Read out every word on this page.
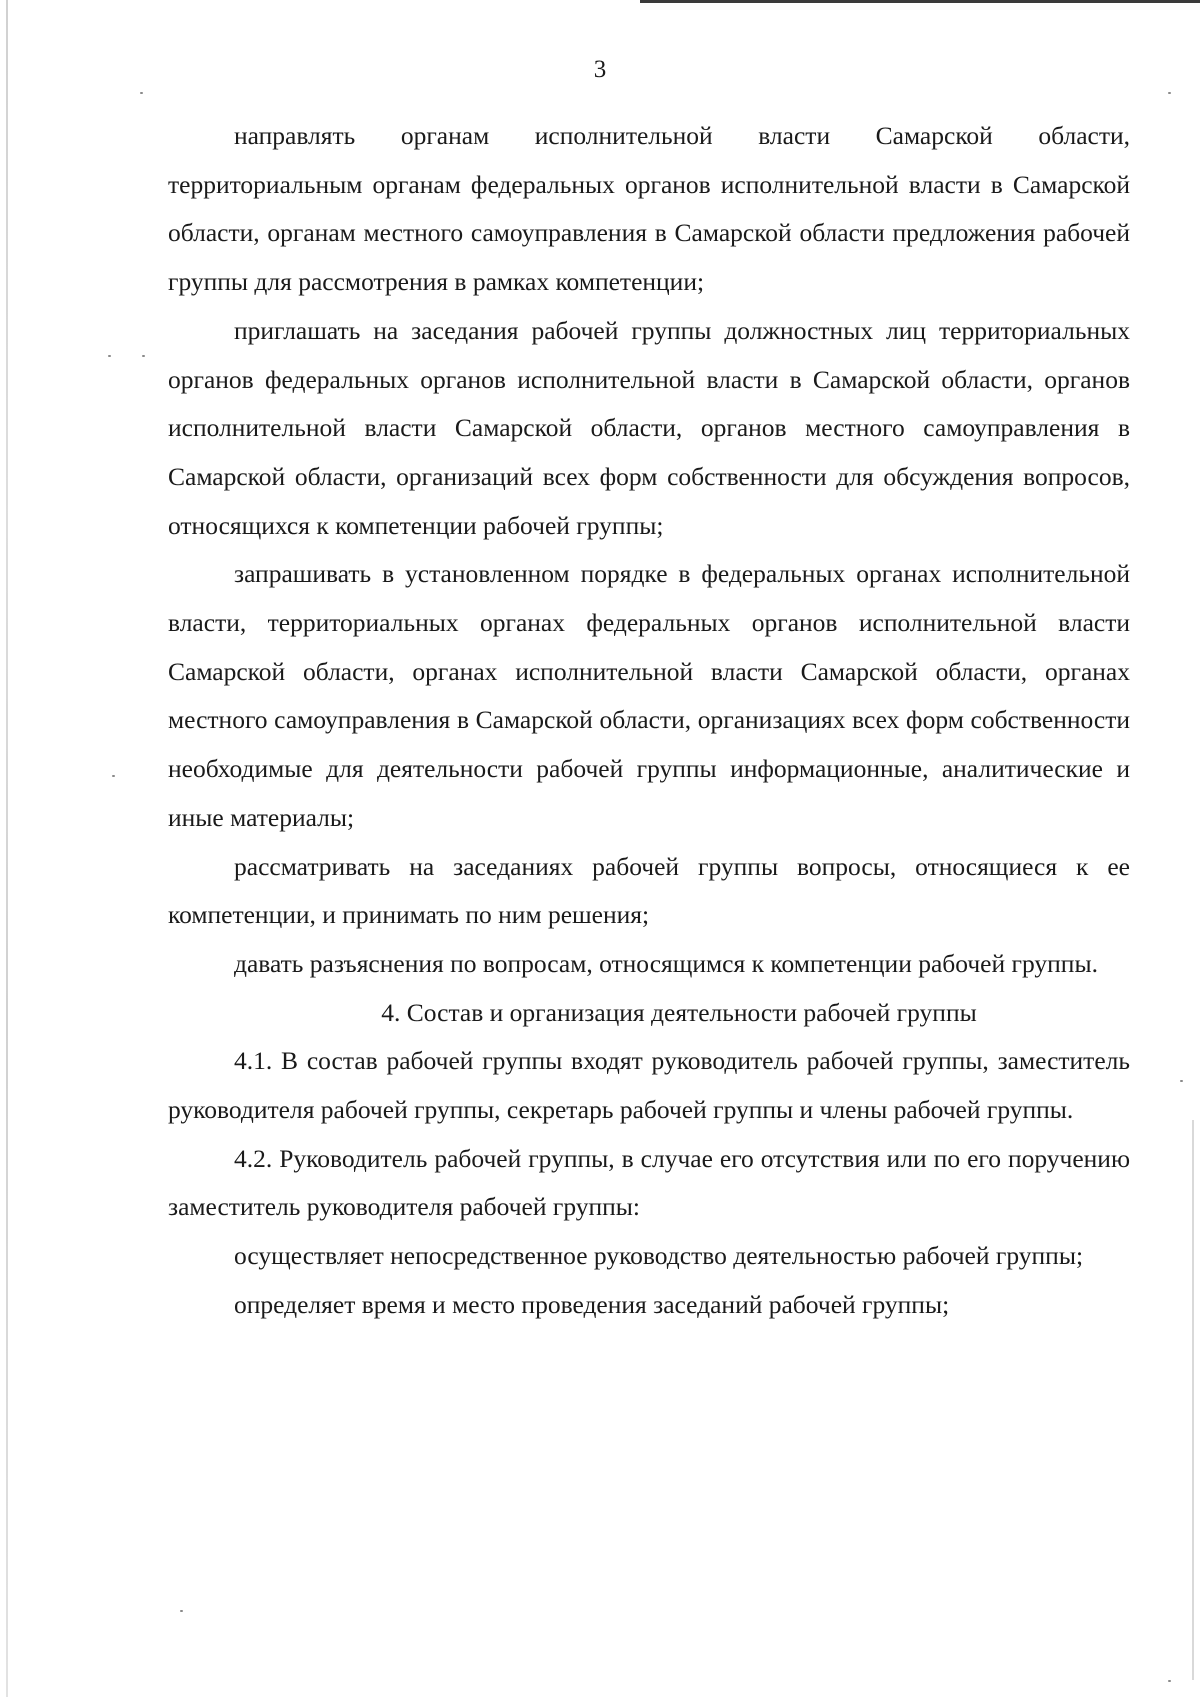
3

направлять органам исполнительной власти Самарской области, территориальным органам федеральных органов исполнительной власти в Самарской области, органам местного самоуправления в Самарской области предложения рабочей группы для рассмотрения в рамках компетенции;

приглашать на заседания рабочей группы должностных лиц территориальных органов федеральных органов исполнительной власти в Самарской области, органов исполнительной власти Самарской области, органов местного самоуправления в Самарской области, организаций всех форм собственности для обсуждения вопросов, относящихся к компетенции рабочей группы;

запрашивать в установленном порядке в федеральных органах исполнительной власти, территориальных органах федеральных органов исполнительной власти Самарской области, органах исполнительной власти Самарской области, органах местного самоуправления в Самарской области, организациях всех форм собственности необходимые для деятельности рабочей группы информационные, аналитические и иные материалы;

рассматривать на заседаниях рабочей группы вопросы, относящиеся к ее компетенции, и принимать по ним решения;

давать разъяснения по вопросам, относящимся к компетенции рабочей группы.

4. Состав и организация деятельности рабочей группы

4.1. В состав рабочей группы входят руководитель рабочей группы, заместитель руководителя рабочей группы, секретарь рабочей группы и члены рабочей группы.

4.2. Руководитель рабочей группы, в случае его отсутствия или по его поручению заместитель руководителя рабочей группы:

осуществляет непосредственное руководство деятельностью рабочей группы;

определяет время и место проведения заседаний рабочей группы;
